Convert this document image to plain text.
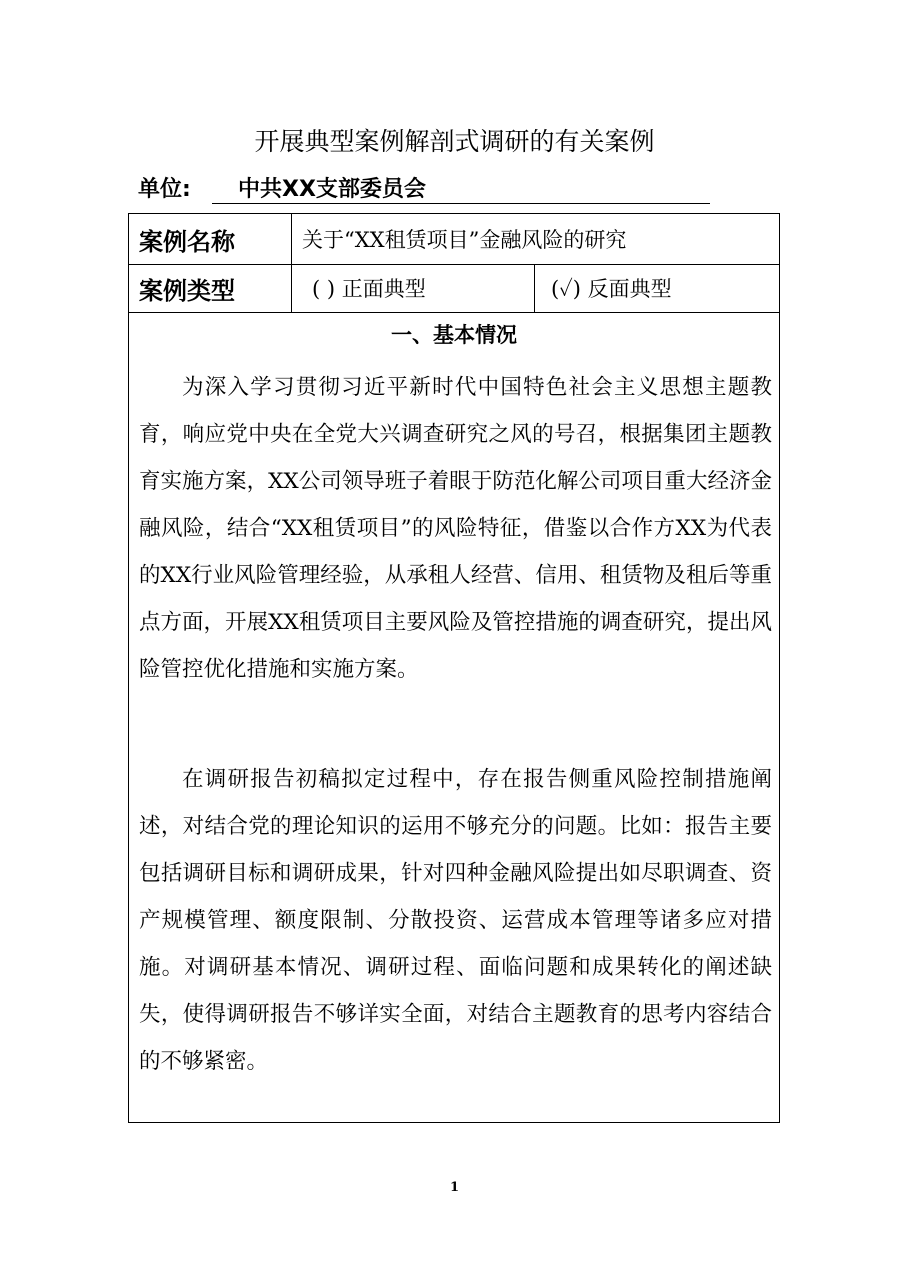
开展典型案例解剖式调研的有关案例
单位:	中共XX支部委员会
案例名称	关于“XX租赁项目”金融风险的研究
案例类型	( ) 正面典型	(✓) 反面典型
一、基本情况

为深入学习贯彻习近平新时代中国特色社会主义思想主题教育，响应党中央在全党大兴调查研究之风的号召，根据集团主题教育实施方案，XX公司领导班子着眼于防范化解公司项目重大经济金融风险，结合“XX租赁项目”的风险特征，借鉴以合作方XX为代表的XX行业风险管理经验，从承租人经营、信用、租赁物及租后等重点方面，开展XX租赁项目主要风险及管控措施的调查研究，提出风险管控优化措施和实施方案。

在调研报告初稿拟定过程中，存在报告侧重风险控制措施阐述，对结合党的理论知识的运用不够充分的问题。比如：报告主要包括调研目标和调研成果，针对四种金融风险提出如尽职调查、资产规模管理、额度限制、分散投资、运营成本管理等诸多应对措施。对调研基本情况、调研过程、面临问题和成果转化的阐述缺失，使得调研报告不够详实全面，对结合主题教育的思考内容结合的不够紧密。

1
